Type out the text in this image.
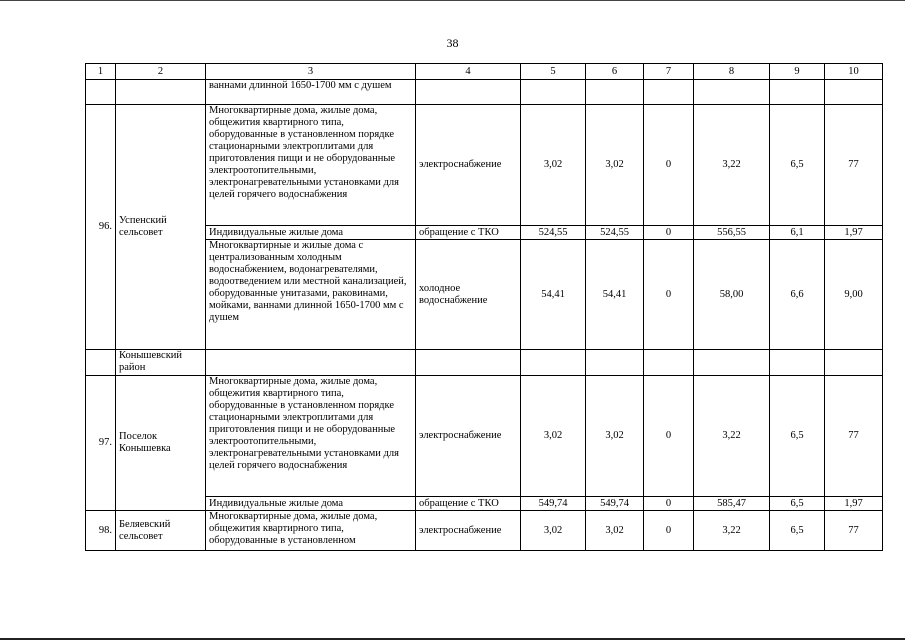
38
1	2	3	4	5	6	7	8	9	10
		ваннами длинной 1650-1700 мм с душем							
96.	Успенский сельсовет	Многоквартирные дома, жилые дома, общежития квартирного типа, оборудованные в установленном порядке стационарными электроплитами для приготовления пищи и не оборудованные электроотопительными, электронагревательными установками для целей горячего водоснабжения	электроснабжение	3,02	3,02	0	3,22	6,5	77
		Индивидуальные жилые дома	обращение с ТКО	524,55	524,55	0	556,55	6,1	1,97
		Многоквартирные и жилые дома с централизованным холодным водоснабжением, водонагревателями, водоотведением или местной канализацией, оборудованные унитазами, раковинами, мойками, ваннами длинной 1650-1700 мм с душем	холодное водоснабжение	54,41	54,41	0	58,00	6,6	9,00
	Конышевский район								
97.	Поселок Конышевка	Многоквартирные дома, жилые дома, общежития квартирного типа, оборудованные в установленном порядке стационарными электроплитами для приготовления пищи и не оборудованные электроотопительными, электронагревательными установками для целей горячего водоснабжения	электроснабжение	3,02	3,02	0	3,22	6,5	77
		Индивидуальные жилые дома	обращение с ТКО	549,74	549,74	0	585,47	6,5	1,97
98.	Беляевский сельсовет	Многоквартирные дома, жилые дома, общежития квартирного типа, оборудованные в установленном	электроснабжение	3,02	3,02	0	3,22	6,5	77
